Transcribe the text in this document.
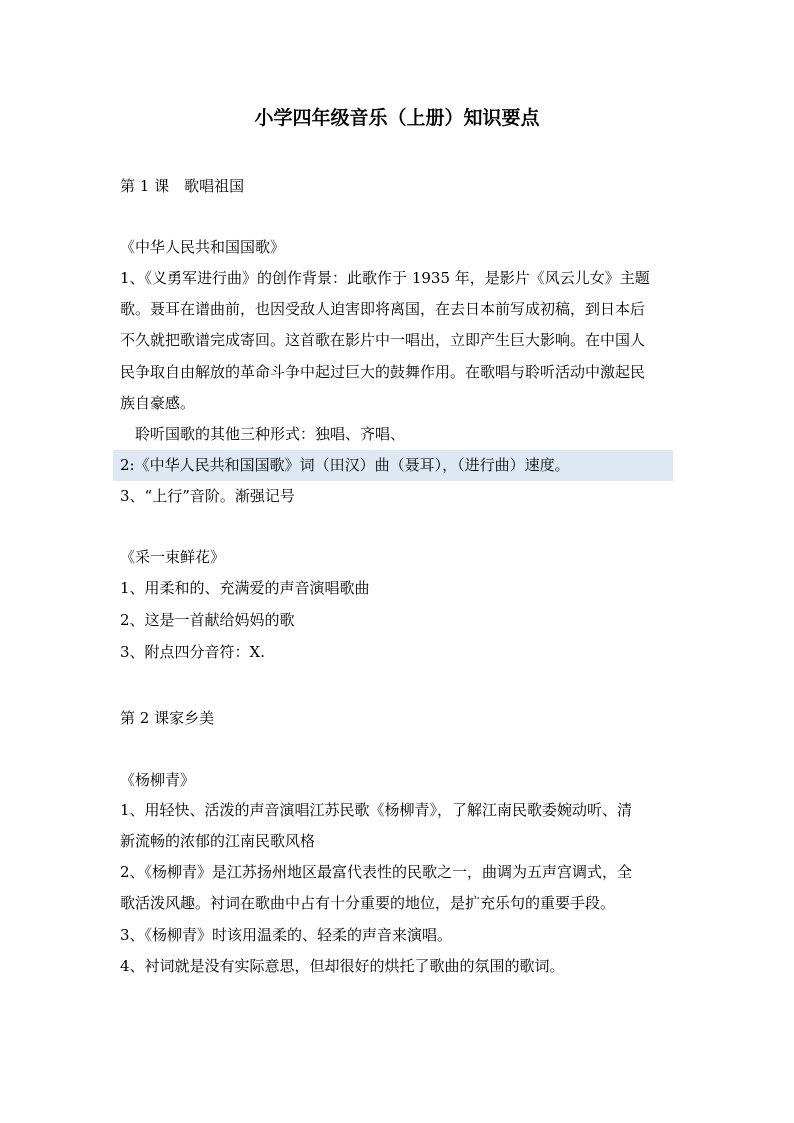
小学四年级音乐（上册）知识要点
第 1 课　歌唱祖国
《中华人民共和国国歌》
1、《义勇军进行曲》的创作背景：此歌作于 1935 年，是影片《风云儿女》主题
歌。聂耳在谱曲前，也因受敌人迫害即将离国，在去日本前写成初稿，到日本后
不久就把歌谱完成寄回。这首歌在影片中一唱出，立即产生巨大影响。在中国人
民争取自由解放的革命斗争中起过巨大的鼓舞作用。在歌唱与聆听活动中激起民
族自豪感。
　聆听国歌的其他三种形式：独唱、齐唱、
2:《中华人民共和国国歌》词（田汉）曲（聂耳），（进行曲）速度。
3、“上行”音阶。渐强记号
《采一束鲜花》
1、用柔和的、充满爱的声音演唱歌曲
2、这是一首献给妈妈的歌
3、附点四分音符：X.
第 2 课家乡美
《杨柳青》
1、用轻快、活泼的声音演唱江苏民歌《杨柳青》，了解江南民歌委婉动听、清
新流畅的浓郁的江南民歌风格
2、《杨柳青》是江苏扬州地区最富代表性的民歌之一，曲调为五声宫调式，全
歌活泼风趣。衬词在歌曲中占有十分重要的地位，是扩充乐句的重要手段。
3、《杨柳青》时该用温柔的、轻柔的声音来演唱。
4、衬词就是没有实际意思，但却很好的烘托了歌曲的氛围的歌词。
